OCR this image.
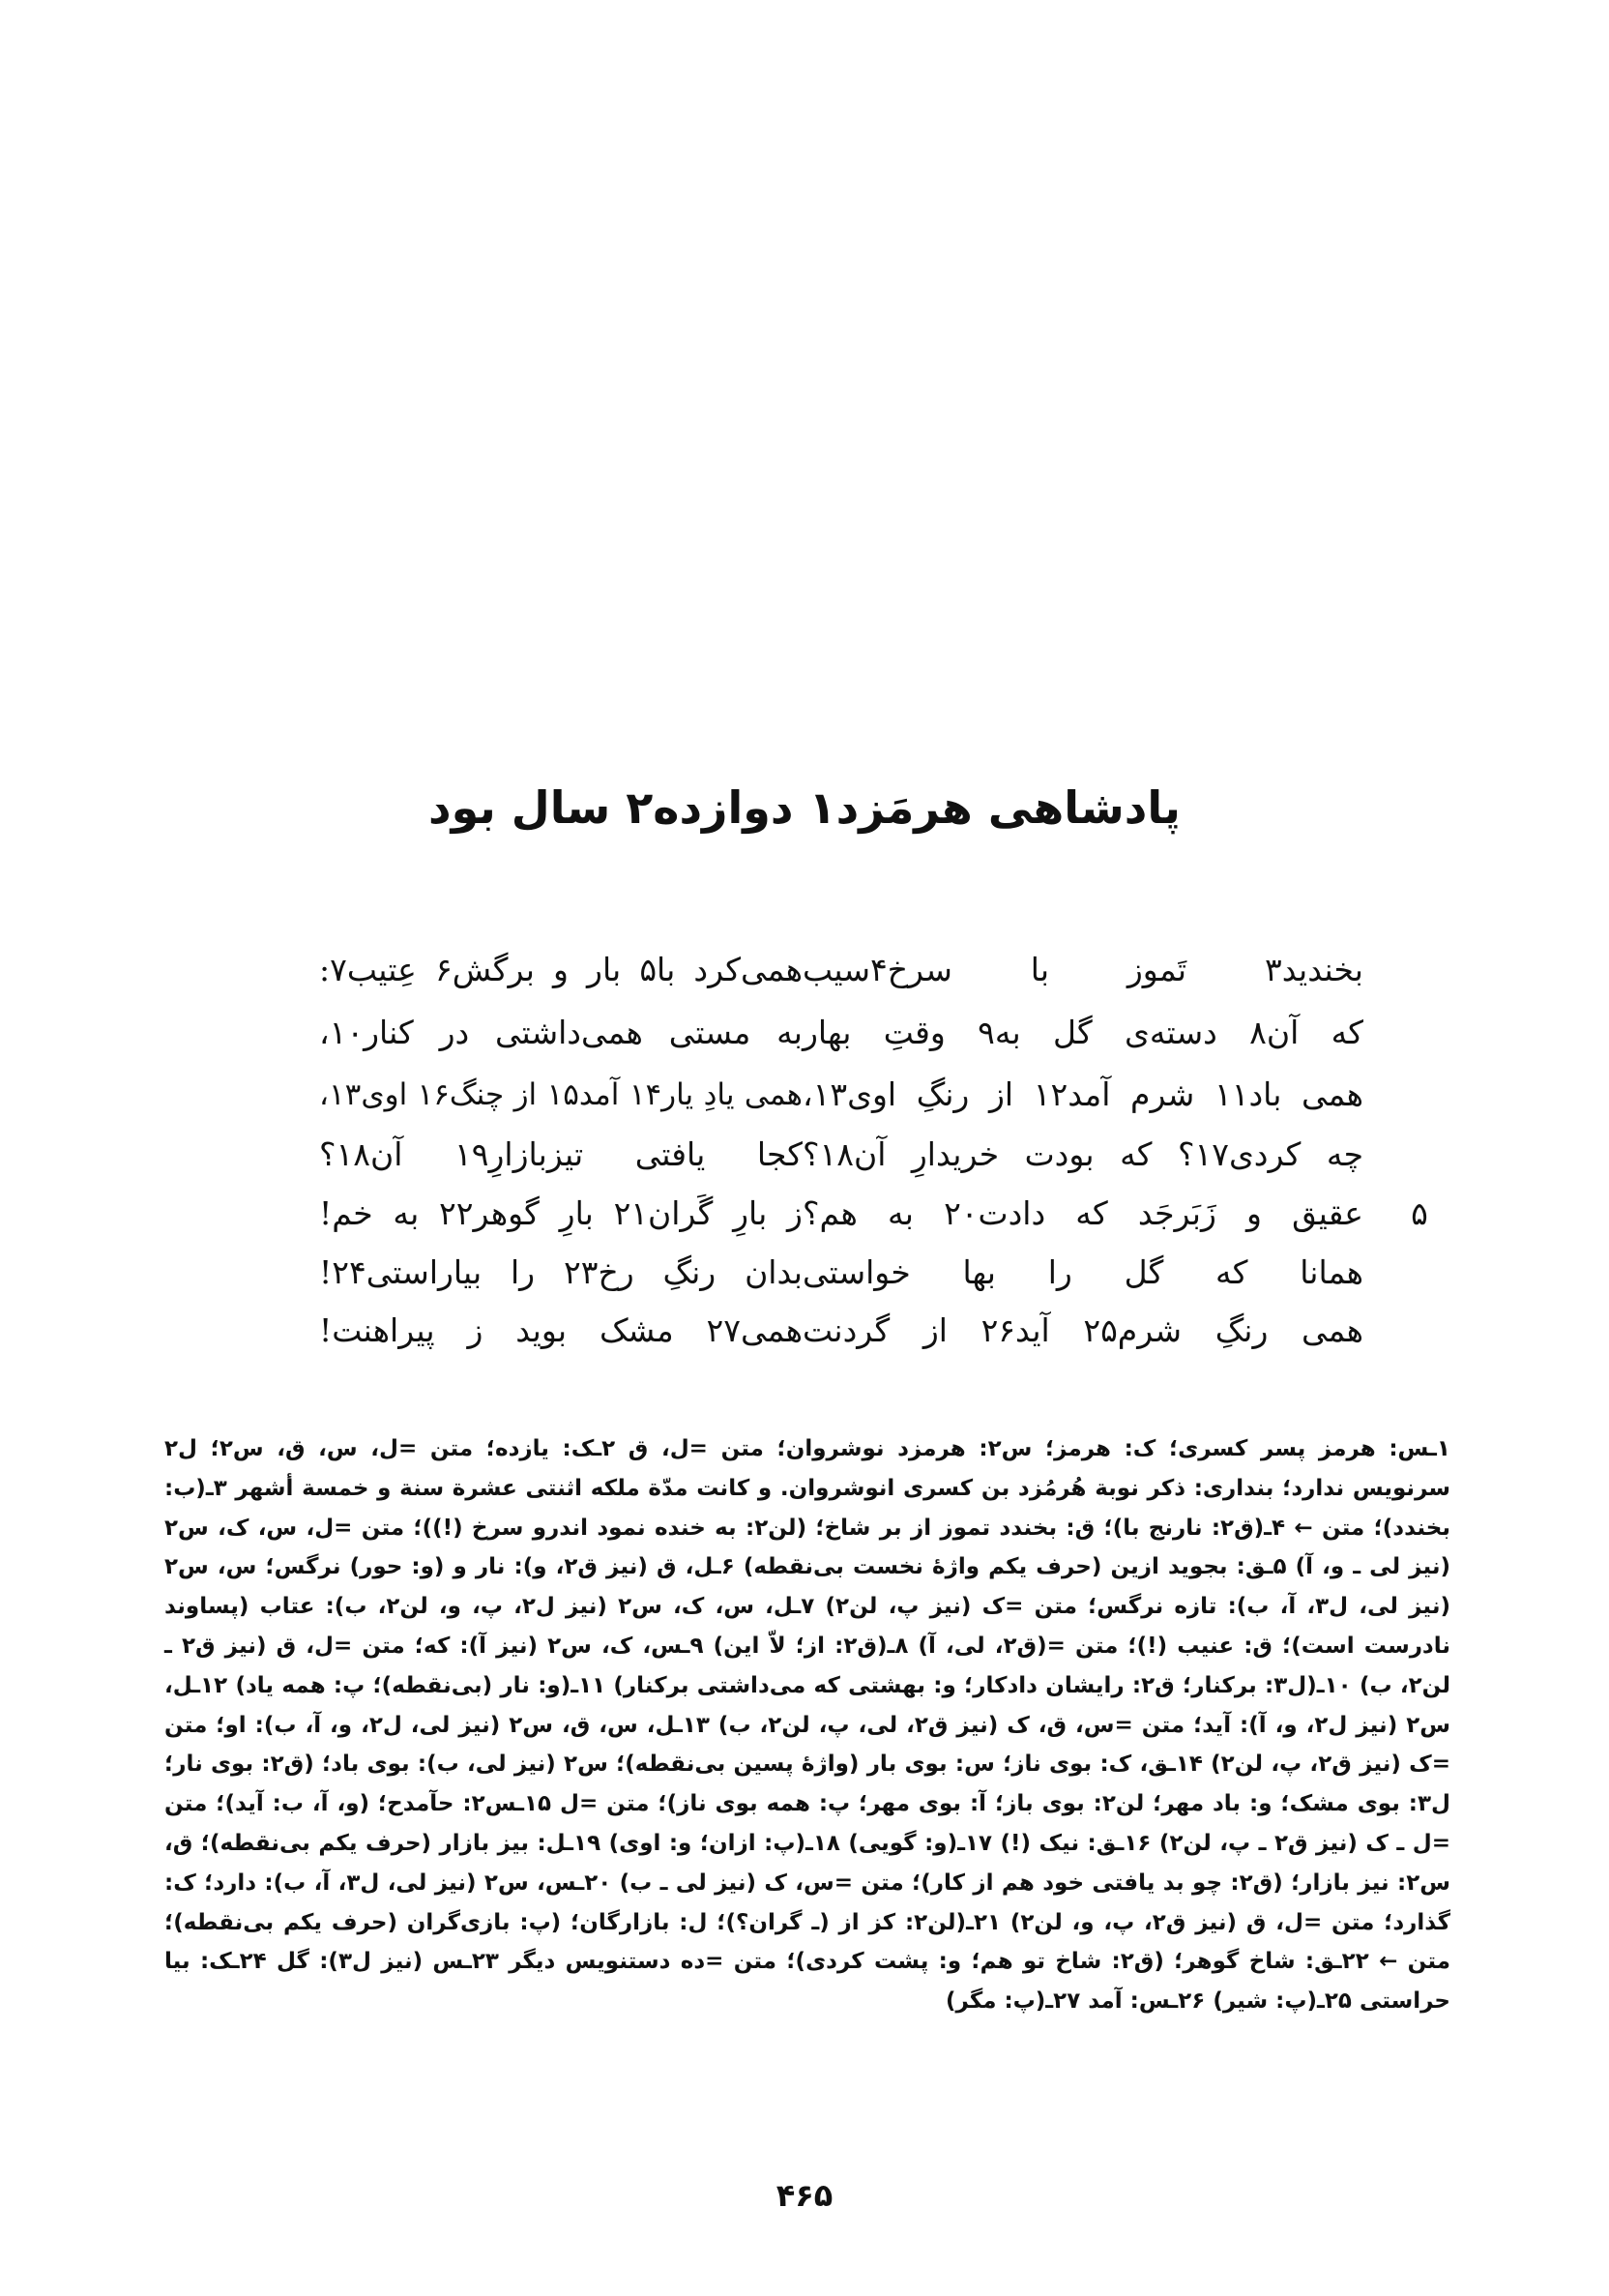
پادشاهی هرمَزد۱ دوازده۲ سال بود
بخندید۳ تَموز با سرخ۴سیب
همی‌کرد با۵ بار و برگش۶ عِتیب۷:
که آن۸ دسته‌ی گل به۹ وقتِ بهار
به مستی همی‌داشتی در کنار۱۰،
همی باد۱۱ شرم آمد۱۲ از رنگِ اوی۱۳،
همی یادِ یار۱۴ آمد۱۵ از چنگ۱۶ اوی۱۳،
چه کردی۱۷؟ که بودت خریدارِ آن۱۸؟
کجا یافتی تیزبازارِ۱۹ آن۱۸؟
عقیق و زَبَرجَد که دادت۲۰ به هم؟
ز بارِ گَران۲۱ بارِ گوهر۲۲ به خم!	۵
همانا که گل را بها خواستی
بدان رنگِ رخ۲۳ را بیاراستی۲۴!
همی رنگِ شرم۲۵ آید۲۶ از گردنت
همی۲۷ مشک بوید ز پیراهنت!

۱ـس: هرمز پسر کسری؛ ک: هرمز؛ س۲: هرمزد نوشروان؛ متن =ل، ق ۲ـک: یازده؛ متن =ل، س، ق، س۲؛ ل۲ سرنویس ندارد؛ بنداری: ذکر نوبة هُرمُزد بن کسری انوشروان. و کانت مدّة ملکه اثنتی عشرة سنة و خمسة أشهر ۳ـ(ب: بخندد)؛ متن ← ۴ـ(ق۲: نارنج با)؛ ق: بخندد تموز از بر شاخ؛ (لن۲: به خنده نمود اندرو سرخ (!))؛ متن =ل، س، ک، س۲ (نیز لی ـ و، آ) ۵ـق: بجوید ازین (حرف یکم واژهٔ نخست بی‌نقطه) ۶ـل، ق (نیز ق۲، و): نار و (و: حور) نرگس؛ س، س۲ (نیز لی، ل۳، آ، ب): تازه نرگس؛ متن =ک (نیز پ، لن۲) ۷ـل، س، ک، س۲ (نیز ل۲، پ، و، لن۲، ب): عتاب (پساوند نادرست است)؛ ق: عنیب (!)؛ متن =(ق۲، لی، آ) ۸ـ(ق۲: از؛ لاّ این) ۹ـس، ک، س۲ (نیز آ): که؛ متن =ل، ق (نیز ق۲ ـ لن۲، ب) ۱۰ـ(ل۳: برکنار؛ ق۲: رایشان دادکار؛ و: بهشتی که می‌داشتی برکنار) ۱۱ـ(و: نار (بی‌نقطه)؛ پ: همه یاد) ۱۲ـل، س۲ (نیز ل۲، و، آ): آید؛ متن =س، ق، ک (نیز ق۲، لی، پ، لن۲، ب) ۱۳ـل، س، ق، س۲ (نیز لی، ل۲، و، آ، ب): او؛ متن =ک (نیز ق۲، پ، لن۲) ۱۴ـق، ک: بوی ناز؛ س: بوی بار (واژهٔ پسین بی‌نقطه)؛ س۲ (نیز لی، ب): بوی باد؛ (ق۲: بوی نار؛ ل۳: بوی مشک؛ و: باد مهر؛ لن۲: بوی باز؛ آ: بوی مهر؛ پ: همه بوی ناز)؛ متن =ل ۱۵ـس۲: حآمدح؛ (و، آ، ب: آید)؛ متن =ل ـ ک (نیز ق۲ ـ پ، لن۲) ۱۶ـق: نیک (!) ۱۷ـ(و: گویی) ۱۸ـ(پ: ازان؛ و: اوی) ۱۹ـل: بیز بازار (حرف یکم بی‌نقطه)؛ ق، س۲: نیز بازار؛ (ق۲: چو بد یافتی خود هم از کار)؛ متن =س، ک (نیز لی ـ ب) ۲۰ـس، س۲ (نیز لی، ل۳، آ، ب): دارد؛ ک: گذارد؛ متن =ل، ق (نیز ق۲، پ، و، لن۲) ۲۱ـ(لن۲: کز از (ـ گران؟)؛ ل: بازارگان؛ (پ: بازی‌گران (حرف یکم بی‌نقطه)؛ متن ← ۲۲ـق: شاخ گوهر؛ (ق۲: شاخ تو هم؛ و: پشت کردی)؛ متن =ده دستنویس دیگر ۲۳ـس (نیز ل۳): گل ۲۴ـک: بیا حرا‌ستی ۲۵ـ(پ: شیر) ۲۶ـس: آمد ۲۷ـ(پ: مگر)

۴۶۵
